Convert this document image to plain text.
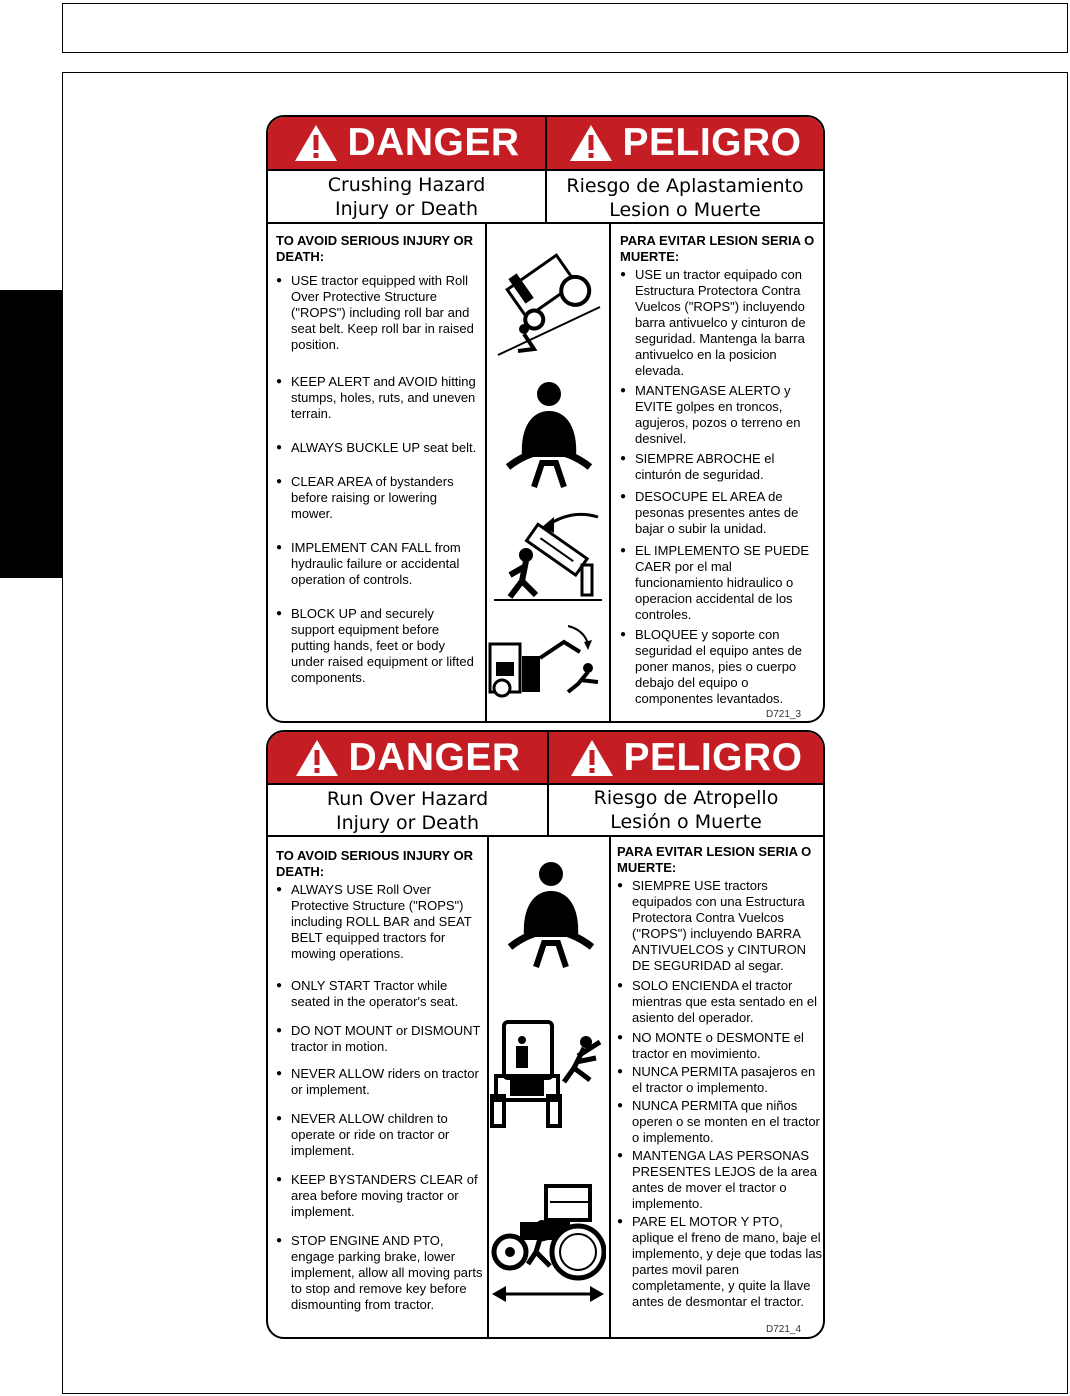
DANGER	PELIGRO
Crushing Hazard
Injury or Death
Riesgo de Aplastamiento
Lesion o Muerte
TO AVOID SERIOUS INJURY OR DEATH:
● USE tractor equipped with Roll Over Protective Structure ("ROPS") including roll bar and seat belt. Keep roll bar in raised position.
● KEEP ALERT and AVOID hitting stumps, holes, ruts, and uneven terrain.
● ALWAYS BUCKLE UP seat belt.
● CLEAR AREA of bystanders before raising or lowering mower.
● IMPLEMENT CAN FALL from hydraulic failure or accidental operation of controls.
● BLOCK UP and securely support equipment before putting hands, feet or body under raised equipment or lifted components.
PARA EVITAR LESION SERIA O MUERTE:
● USE un tractor equipado con Estructura Protectora Contra Vuelcos ("ROPS") incluyendo barra antivuelco y cinturon de seguridad. Mantenga la barra antivuelco en la posicion elevada.
● MANTENGASE ALERTO y EVITE golpes en troncos, agujeros, pozos o terreno en desnivel.
● SIEMPRE ABROCHE el cinturón de seguridad.
● DESOCUPE EL AREA de pesonas presentes antes de bajar o subir la unidad.
● EL IMPLEMENTO SE PUEDE CAER por el mal funcionamiento hidraulico o operacion accidental de los controles.
● BLOQUEE y soporte con seguridad el equipo antes de poner manos, pies o cuerpo debajo del equipo o componentes levantados.
D721_3
DANGER	PELIGRO
Run Over Hazard
Injury or Death
Riesgo de Atropello
Lesión o Muerte
TO AVOID SERIOUS INJURY OR DEATH:
● ALWAYS USE Roll Over Protective Structure ("ROPS") including ROLL BAR and SEAT BELT equipped tractors for mowing operations.
● ONLY START Tractor while seated in the operator's seat.
● DO NOT MOUNT or DISMOUNT tractor in motion.
● NEVER ALLOW riders on tractor or implement.
● NEVER ALLOW children to operate or ride on tractor or implement.
● KEEP BYSTANDERS CLEAR of area before moving tractor or implement.
● STOP ENGINE AND PTO, engage parking brake, lower implement, allow all moving parts to stop and remove key before dismounting from tractor.
PARA EVITAR LESION SERIA O MUERTE:
● SIEMPRE USE tractors equipados con una Estructura Protectora Contra Vuelcos ("ROPS") incluyendo BARRA ANTIVUELCOS y CINTURON DE SEGURIDAD al segar.
● SOLO ENCIENDA el tractor mientras que esta sentado en el asiento del operador.
● NO MONTE o DESMONTE el tractor en movimiento.
● NUNCA PERMITA pasajeros en el tractor o implemento.
● NUNCA PERMITA que niños operen o se monten en el tractor o implemento.
● MANTENGA LAS PERSONAS PRESENTES LEJOS de la area antes de mover el tractor o implemento.
● PARE EL MOTOR Y PTO, aplique el freno de mano, baje el implemento, y deje que todas las partes movil paren completamente, y quite la llave antes de desmontar el tractor.
D721_4
